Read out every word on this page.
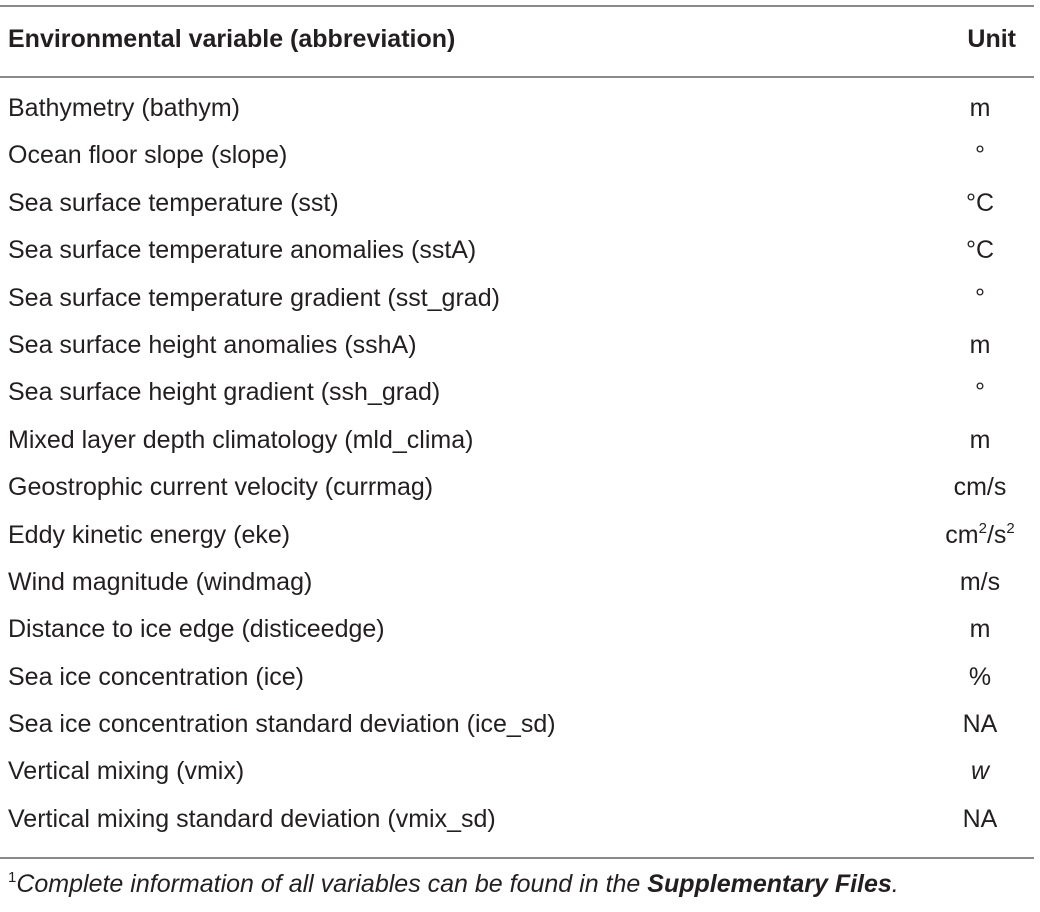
Environmental variable (abbreviation)	Unit
Bathymetry (bathym)	m
Ocean floor slope (slope)	°
Sea surface temperature (sst)	°C
Sea surface temperature anomalies (sstA)	°C
Sea surface temperature gradient (sst_grad)	°
Sea surface height anomalies (sshA)	m
Sea surface height gradient (ssh_grad)	°
Mixed layer depth climatology (mld_clima)	m
Geostrophic current velocity (currmag)	cm/s
Eddy kinetic energy (eke)	$cm^2/s^2$
Wind magnitude (windmag)	m/s
Distance to ice edge (disticeedge)	m
Sea ice concentration (ice)	%
Sea ice concentration standard deviation (ice_sd)	NA
Vertical mixing (vmix)	w
Vertical mixing standard deviation (vmix_sd)	NA
$^1$Complete information of all variables can be found in the Supplementary Files.
